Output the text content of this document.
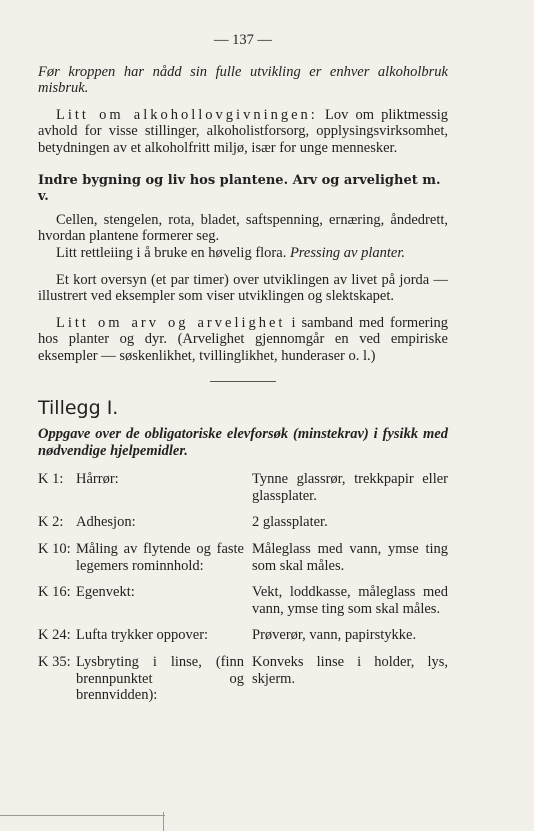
— 137 —
Før kroppen har nådd sin fulle utvikling er enhver alkoholbruk misbruk.
Litt om alkohollovgivningen: Lov om pliktmessig avhold for visse stillinger, alkoholistforsorg, opplysingsvirksomhet, betydningen av et alkoholfritt miljø, især for unge mennesker.
Indre bygning og liv hos plantene. Arv og arvelighet m. v.
Cellen, stengelen, rota, bladet, saftspenning, ernæring, åndedrett, hvordan plantene formerer seg.
Litt rettleiing i å bruke en høvelig flora. Pressing av planter.
Et kort oversyn (et par timer) over utviklingen av livet på jorda — illustrert ved eksempler som viser utviklingen og slektskapet.
Litt om arv og arvelighet i samband med formering hos planter og dyr. (Arvelighet gjennomgår en ved empiriske eksempler — søskenlikhet, tvillinglikhet, hunderaser o. l.)
Tillegg I.
Oppgave over de obligatoriske elevforsøk (minstekrav) i fysikk med nødvendige hjelpemidler.
K 1:	Hårrør:	Tynne glassrør, trekkpapir eller glassplater.
K 2:	Adhesjon:	2 glassplater.
K 10:	Måling av flytende og faste legemers rominnhold:	Måleglass med vann, ymse ting som skal måles.
K 16:	Egenvekt:	Vekt, loddkasse, måleglass med vann, ymse ting som skal måles.
K 24:	Lufta trykker oppover:	Prøverør, vann, papirstykke.
K 35:	Lysbryting i linse, (finn brennpunktet og brennvidden):	Konveks linse i holder, lys, skjerm.
